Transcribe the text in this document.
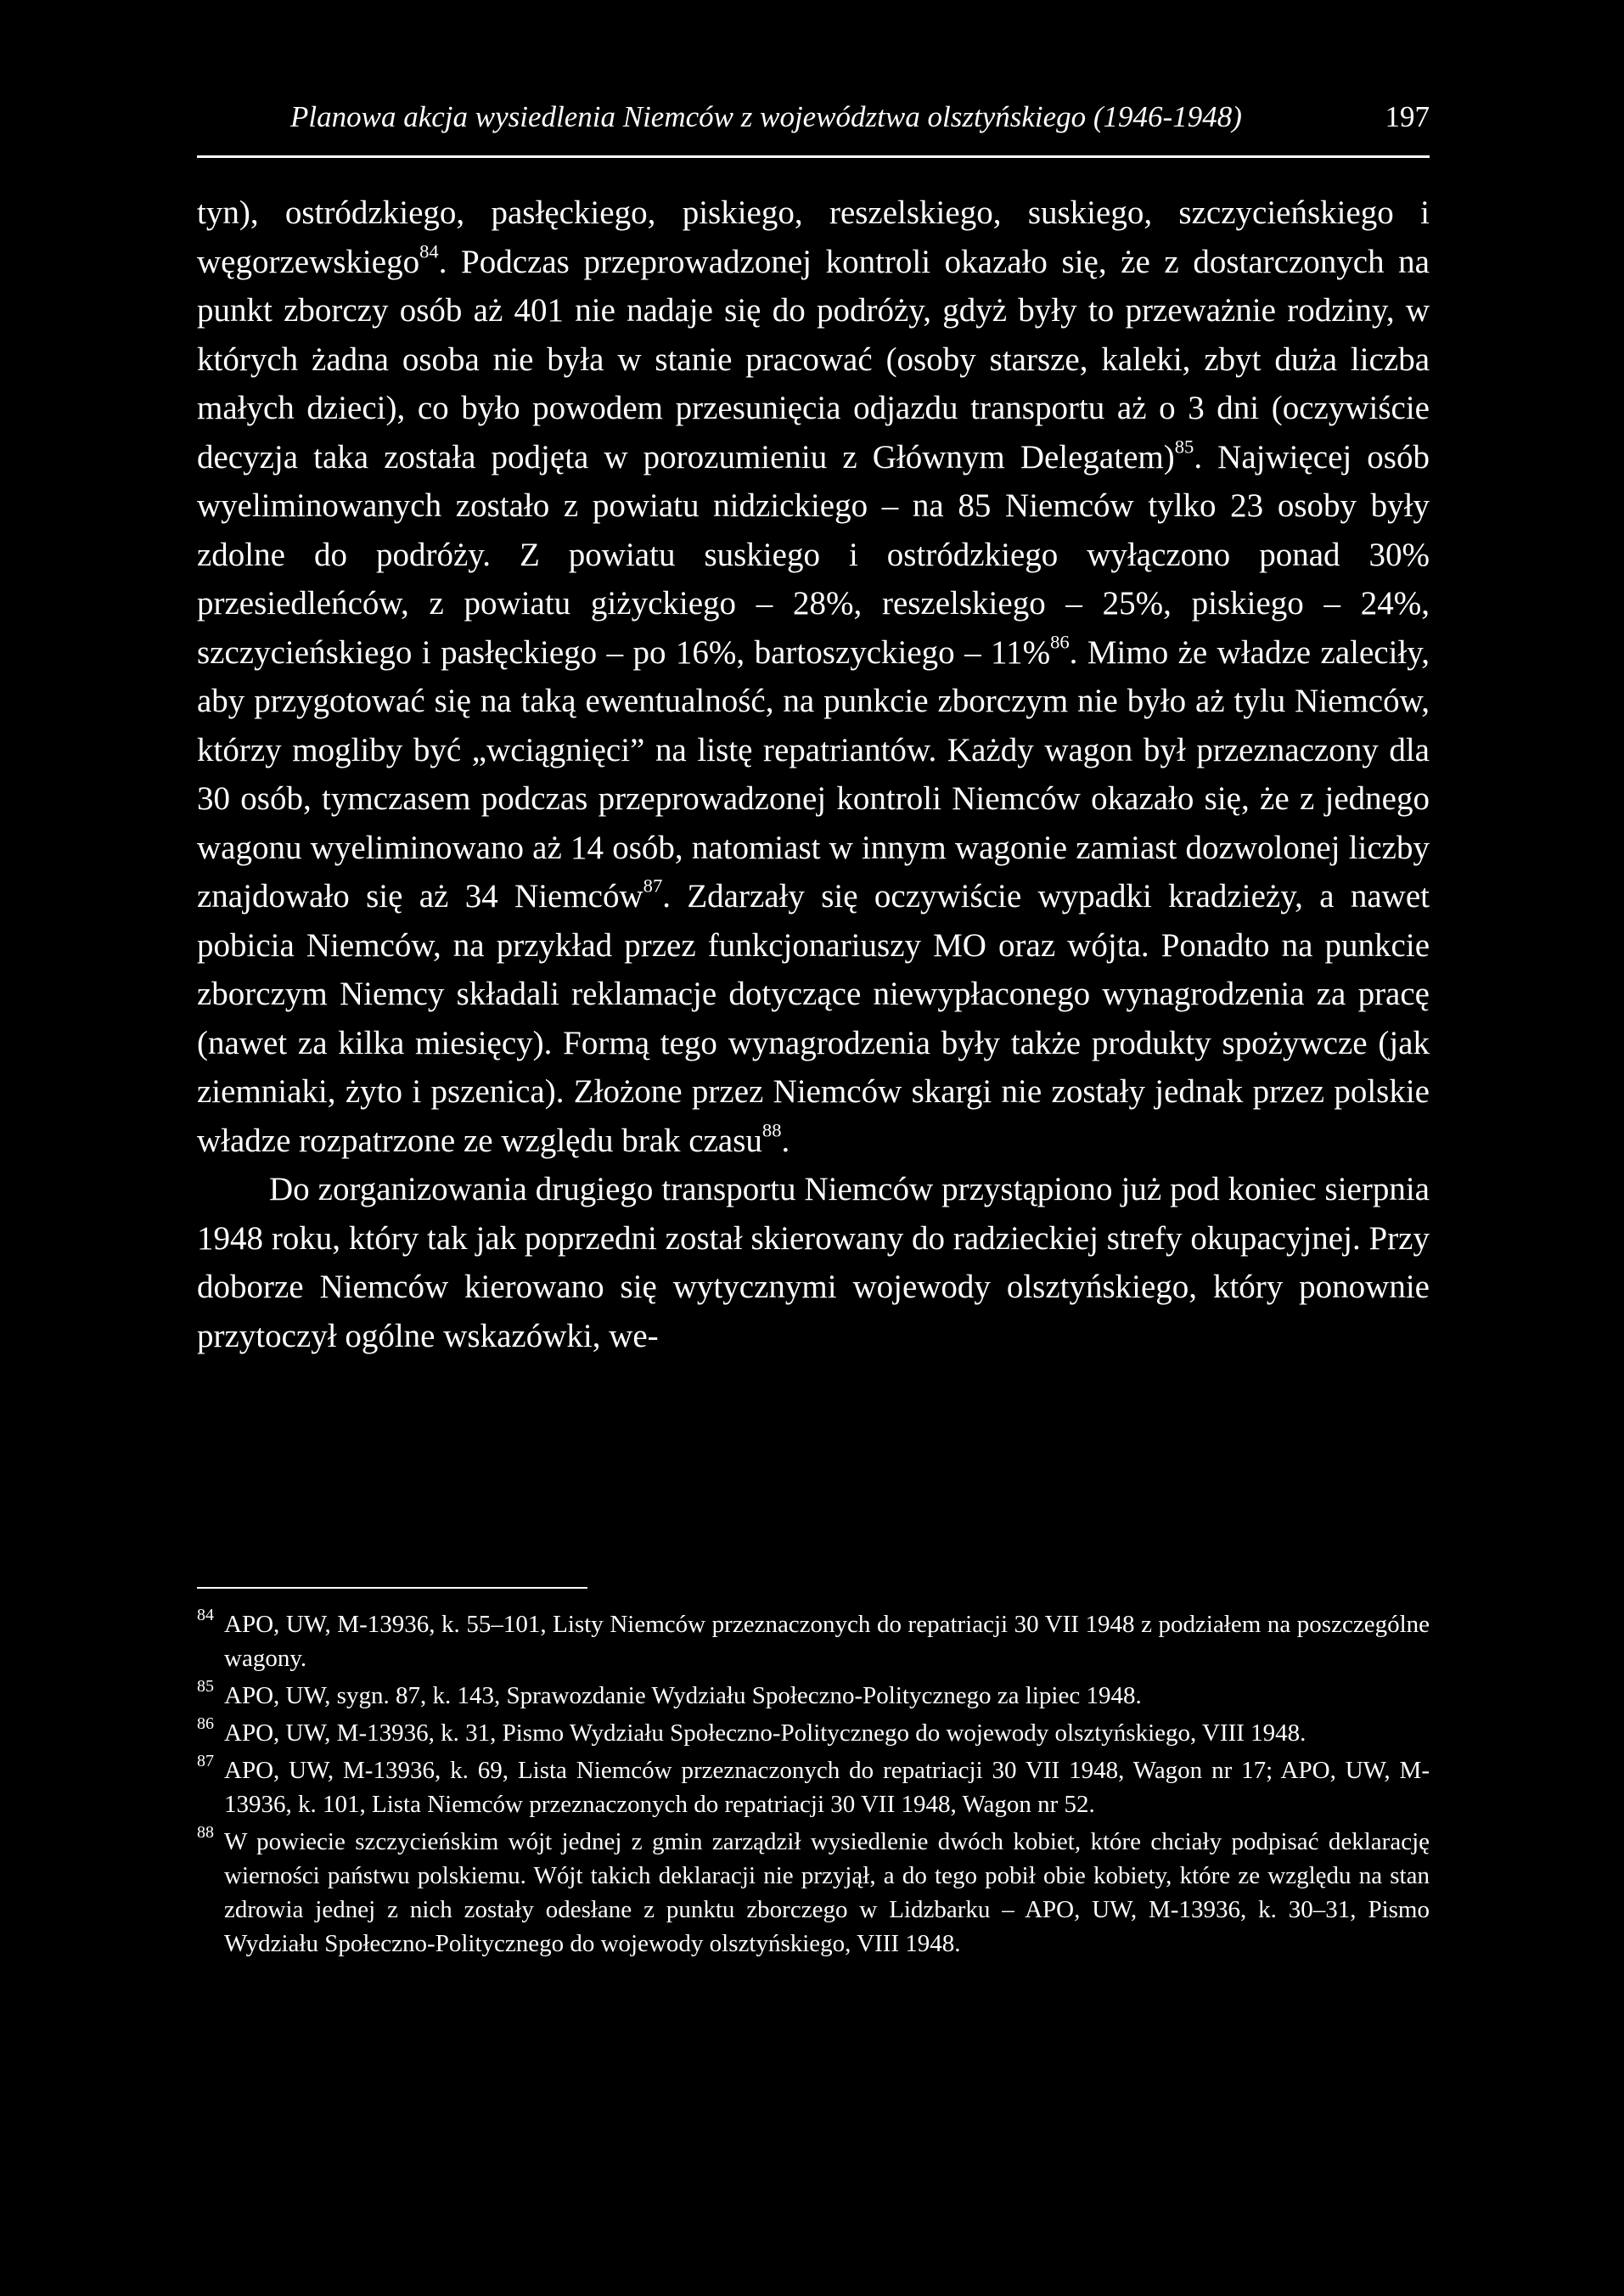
Planowa akcja wysiedlenia Niemców z województwa olsztyńskiego (1946-1948)	197

tyn), ostródzkiego, pasłęckiego, piskiego, reszelskiego, suskiego, szczycieńskiego i węgorzewskiego$^{84}$. Podczas przeprowadzonej kontroli okazało się, że z dostarczonych na punkt zborczy osób aż 401 nie nadaje się do podróży, gdyż były to przeważnie rodziny, w których żadna osoba nie była w stanie pracować (osoby starsze, kaleki, zbyt duża liczba małych dzieci), co było powodem przesunięcia odjazdu transportu aż o 3 dni (oczywiście decyzja taka została podjęta w porozumieniu z Głównym Delegatem)$^{85}$. Najwięcej osób wyeliminowanych zostało z powiatu nidzickiego – na 85 Niemców tylko 23 osoby były zdolne do podróży. Z powiatu suskiego i ostródzkiego wyłączono ponad 30% przesiedleńców, z powiatu giżyckiego – 28%, reszelskiego – 25%, piskiego – 24%, szczycieńskiego i pasłęckiego – po 16%, bartoszyckiego – 11%$^{86}$. Mimo że władze zaleciły, aby przygotować się na taką ewentualność, na punkcie zborczym nie było aż tylu Niemców, którzy mogliby być „wciągnięci” na listę repatriantów. Każdy wagon był przeznaczony dla 30 osób, tymczasem podczas przeprowadzonej kontroli Niemców okazało się, że z jednego wagonu wyeliminowano aż 14 osób, natomiast w innym wagonie zamiast dozwolonej liczby znajdowało się aż 34 Niemców$^{87}$. Zdarzały się oczywiście wypadki kradzieży, a nawet pobicia Niemców, na przykład przez funkcjonariuszy MO oraz wójta. Ponadto na punkcie zborczym Niemcy składali reklamacje dotyczące niewypłaconego wynagrodzenia za pracę (nawet za kilka miesięcy). Formą tego wynagrodzenia były także produkty spożywcze (jak ziemniaki, żyto i pszenica). Złożone przez Niemców skargi nie zostały jednak przez polskie władze rozpatrzone ze względu brak czasu$^{88}$.

Do zorganizowania drugiego transportu Niemców przystąpiono już pod koniec sierpnia 1948 roku, który tak jak poprzedni został skierowany do radzieckiej strefy okupacyjnej. Przy doborze Niemców kierowano się wytycznymi wojewody olsztyńskiego, który ponownie przytoczył ogólne wskazówki, we-

84 APO, UW, M-13936, k. 55–101, Listy Niemców przeznaczonych do repatriacji 30 VII 1948 z podziałem na poszczególne wagony.
85 APO, UW, sygn. 87, k. 143, Sprawozdanie Wydziału Społeczno-Politycznego za lipiec 1948.
86 APO, UW, M-13936, k. 31, Pismo Wydziału Społeczno-Politycznego do wojewody olsztyńskiego, VIII 1948.
87 APO, UW, M-13936, k. 69, Lista Niemców przeznaczonych do repatriacji 30 VII 1948, Wagon nr 17; APO, UW, M-13936, k. 101, Lista Niemców przeznaczonych do repatriacji 30 VII 1948, Wagon nr 52.
88 W powiecie szczycieńskim wójt jednej z gmin zarządził wysiedlenie dwóch kobiet, które chciały podpisać deklarację wierności państwu polskiemu. Wójt takich deklaracji nie przyjął, a do tego pobił obie kobiety, które ze względu na stan zdrowia jednej z nich zostały odesłane z punktu zborczego w Lidzbarku – APO, UW, M-13936, k. 30–31, Pismo Wydziału Społeczno-Politycznego do wojewody olsztyńskiego, VIII 1948.
